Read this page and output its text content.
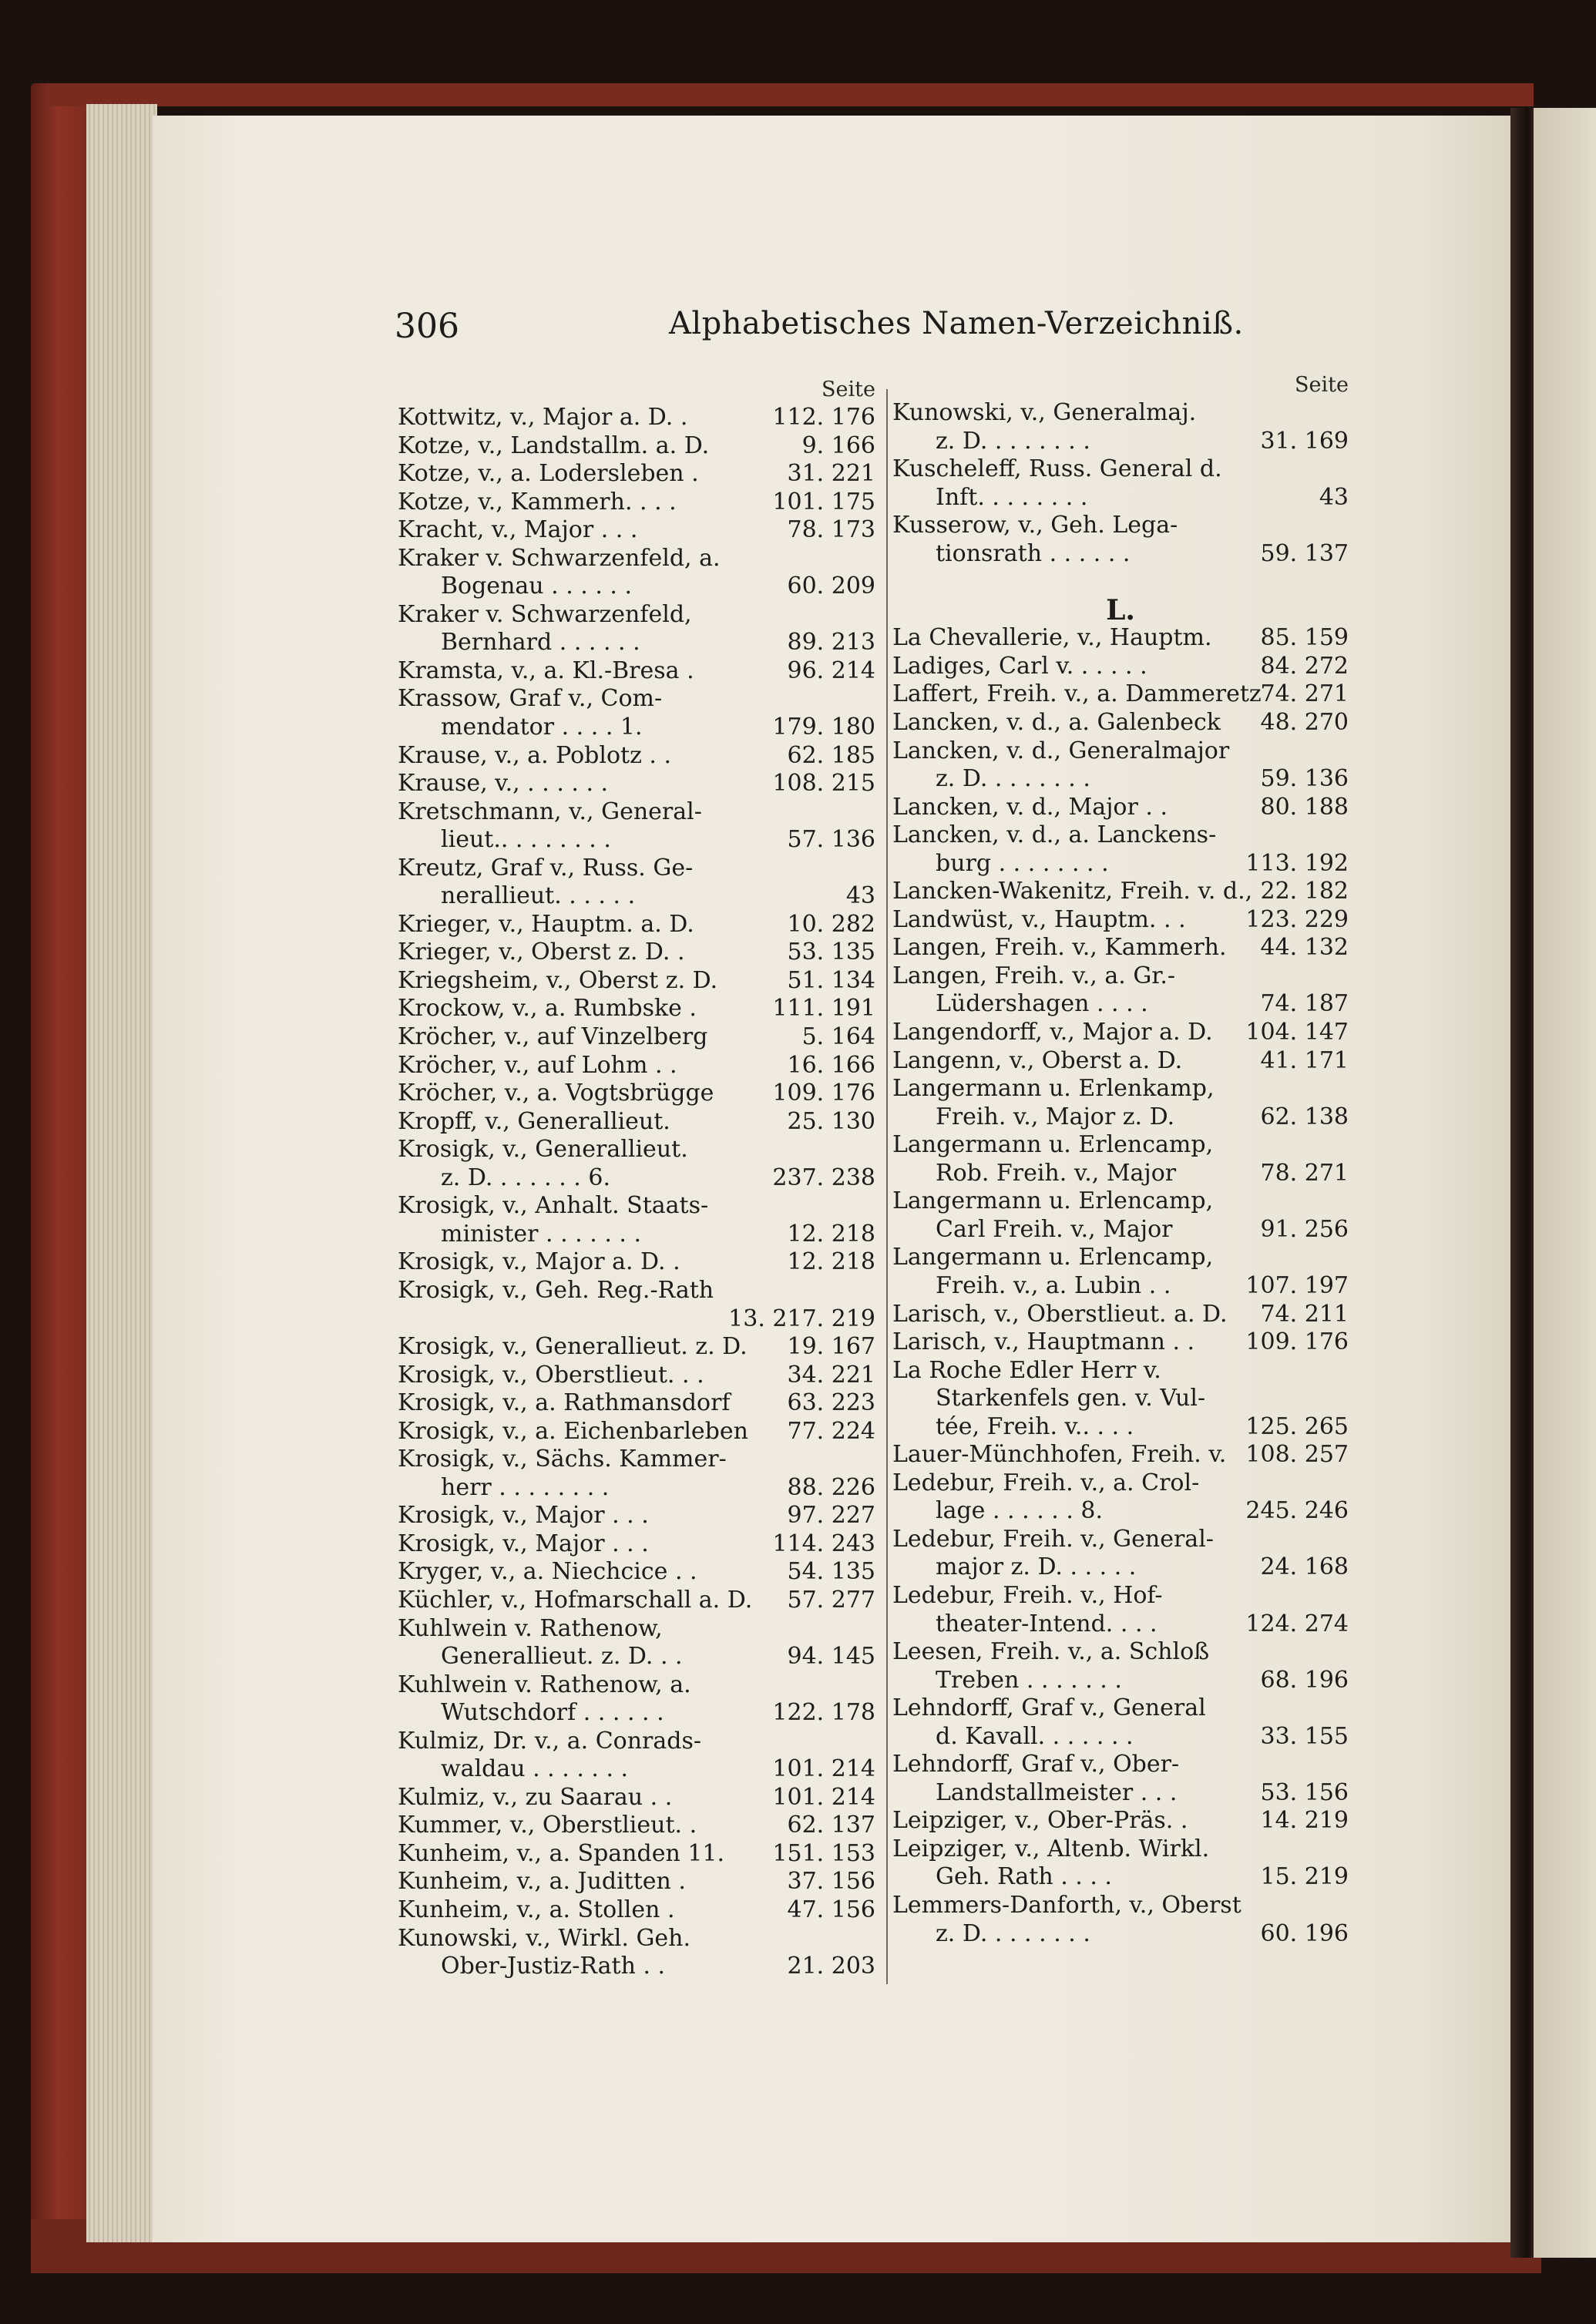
306	Alphabetisches Namen-Verzeichniß.
Seite
Kottwitz, v., Major a. D. .	112. 176
Kotze, v., Landstallm. a. D.	9. 166
Kotze, v., a. Lodersleben .	31. 221
Kotze, v., Kammerh. . . .	101. 175
Kracht, v., Major . . .	78. 173
Kraker v. Schwarzenfeld, a.
Bogenau . . . . . .	60. 209
Kraker v. Schwarzenfeld,
Bernhard . . . . . .	89. 213
Kramsta, v., a. Kl.-Bresa .	96. 214
Krassow, Graf v., Com-
mendator . . . . 1.	179. 180
Krause, v., a. Poblotz . .	62. 185
Krause, v., . . . . . .	108. 215
Kretschmann, v., General-
lieut.. . . . . . . .	57. 136
Kreutz, Graf v., Russ. Ge-
nerallieut. . . . . .	43
Krieger, v., Hauptm. a. D.	10. 282
Krieger, v., Oberst z. D. .	53. 135
Kriegsheim, v., Oberst z. D.	51. 134
Krockow, v., a. Rumbske .	111. 191
Kröcher, v., auf Vinzelberg	5. 164
Kröcher, v., auf Lohm . .	16. 166
Kröcher, v., a. Vogtsbrügge	109. 176
Kropff, v., Generallieut.	25. 130
Krosigk, v., Generallieut.
z. D. . . . . . . 6.	237. 238
Krosigk, v., Anhalt. Staats-
minister . . . . . . .	12. 218
Krosigk, v., Major a. D. .	12. 218
Krosigk, v., Geh. Reg.-Rath
13. 217. 219
Krosigk, v., Generallieut. z. D. 19. 167
Krosigk, v., Oberstlieut. . .	34. 221
Krosigk, v., a. Rathmansdorf 63. 223
Krosigk, v., a. Eichenbarleben 77. 224
Krosigk, v., Sächs. Kammer-
herr . . . . . . . .	88. 226
Krosigk, v., Major . . .	97. 227
Krosigk, v., Major . . .	114. 243
Kryger, v., a. Niechcice . .	54. 135
Küchler, v., Hofmarschall a. D. 57. 277
Kuhlwein v. Rathenow,
Generallieut. z. D. . .	94. 145
Kuhlwein v. Rathenow, a.
Wutschdorf . . . . . .	122. 178
Kulmiz, Dr. v., a. Conrads-
waldau . . . . . . .	101. 214
Kulmiz, v., zu Saarau . .	101. 214
Kummer, v., Oberstlieut. .	62. 137
Kunheim, v., a. Spanden 11. 151. 153
Kunheim, v., a. Juditten .	37. 156
Kunheim, v., a. Stollen .	47. 156
Kunowski, v., Wirkl. Geh.
Ober-Justiz-Rath . .	21. 203
Seite
Kunowski, v., Generalmaj.
z. D. . . . . . . .	31. 169
Kuscheleff, Russ. General d.
Inft. . . . . . . .	43
Kusserow, v., Geh. Lega-
tionsrath . . . . . .	59. 137
L.
La Chevallerie, v., Hauptm. 85. 159
Ladiges, Carl v. . . . . .	84. 272
Laffert, Freih. v., a. Dammeretz
74. 271
Lancken, v. d., a. Galenbeck 48. 270
Lancken, v. d., Generalmajor
z. D. . . . . . . .	59. 136
Lancken, v. d., Major . .	80. 188
Lancken, v. d., a. Lanckens-
burg . . . . . . . .	113. 192
Lancken-Wakenitz, Freih. v. d., 22. 182
Landwüst, v., Hauptm. . .	123. 229
Langen, Freih. v., Kammerh. 44. 132
Langen, Freih. v., a. Gr.-
Lüdershagen . . . .	74. 187
Langendorff, v., Major a. D. 104. 147
Langenn, v., Oberst a. D.	41. 171
Langermann u. Erlenkamp,
Freih. v., Major z. D.	62. 138
Langermann u. Erlencamp,
Rob. Freih. v., Major	78. 271
Langermann u. Erlencamp,
Carl Freih. v., Major	91. 256
Langermann u. Erlencamp,
Freih. v., a. Lubin . .	107. 197
Larisch, v., Oberstlieut. a. D. 74. 211
Larisch, v., Hauptmann . . 109. 176
La Roche Edler Herr v.
Starkenfels gen. v. Vul-
tée, Freih. v.. . . .	125. 265
Lauer-Münchhofen, Freih. v. 108. 257
Ledebur, Freih. v., a. Crol-
lage . . . . . . 8.	245. 246
Ledebur, Freih. v., General-
major z. D. . . . . .	24. 168
Ledebur, Freih. v., Hof-
theater-Intend. . . .	124. 274
Leesen, Freih. v., a. Schloß
Treben . . . . . . .	68. 196
Lehndorff, Graf v., General
d. Kavall. . . . . . .	33. 155
Lehndorff, Graf v., Ober-
Landstallmeister . . .	53. 156
Leipziger, v., Ober-Präs. .	14. 219
Leipziger, v., Altenb. Wirkl.
Geh. Rath . . . .	15. 219
Lemmers-Danforth, v., Oberst
z. D. . . . . . . .	60. 196
